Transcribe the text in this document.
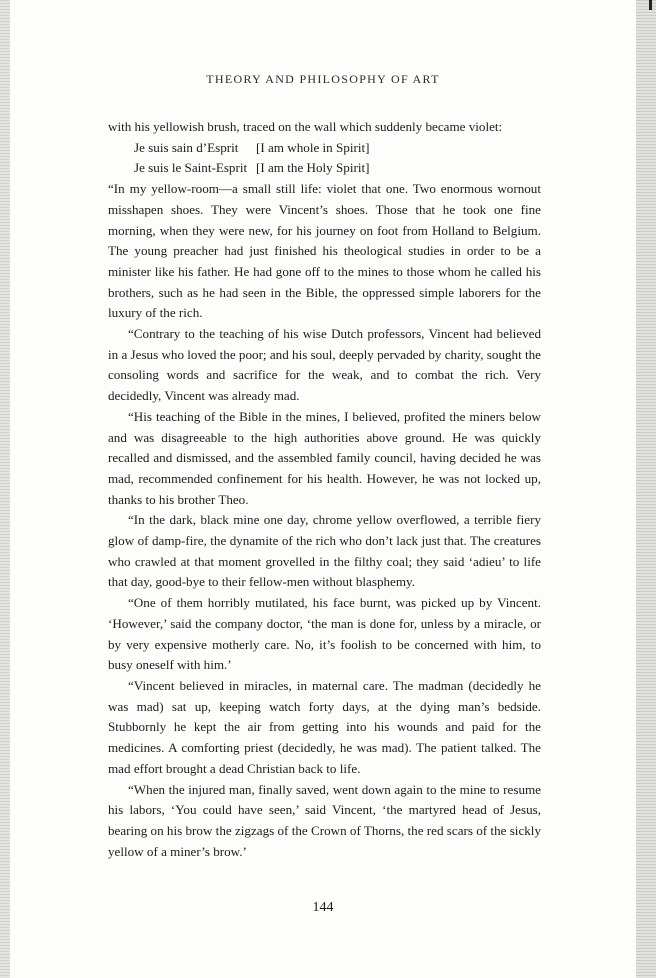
THEORY AND PHILOSOPHY OF ART

with his yellowish brush, traced on the wall which suddenly became violet:

Je suis sain d’Esprit	[I am whole in Spirit]
Je suis le Saint-Esprit [I am the Holy Spirit]

“In my yellow-room—a small still life: violet that one. Two enormous wornout misshapen shoes. They were Vincent’s shoes. Those that he took one fine morning, when they were new, for his journey on foot from Holland to Belgium. The young preacher had just finished his theological studies in order to be a minister like his father. He had gone off to the mines to those whom he called his brothers, such as he had seen in the Bible, the oppressed simple laborers for the luxury of the rich.

“Contrary to the teaching of his wise Dutch professors, Vincent had believed in a Jesus who loved the poor; and his soul, deeply pervaded by charity, sought the consoling words and sacrifice for the weak, and to combat the rich. Very decidedly, Vincent was already mad.

“His teaching of the Bible in the mines, I believed, profited the miners below and was disagreeable to the high authorities above ground. He was quickly recalled and dismissed, and the assembled family council, having decided he was mad, recommended confinement for his health. However, he was not locked up, thanks to his brother Theo.

“In the dark, black mine one day, chrome yellow overflowed, a terrible fiery glow of damp-fire, the dynamite of the rich who don’t lack just that. The creatures who crawled at that moment grovelled in the filthy coal; they said ‘adieu’ to life that day, good-bye to their fellow-men without blasphemy.

“One of them horribly mutilated, his face burnt, was picked up by Vincent. ‘However,’ said the company doctor, ‘the man is done for, unless by a miracle, or by very expensive motherly care. No, it’s foolish to be concerned with him, to busy oneself with him.’

“Vincent believed in miracles, in maternal care. The madman (decidedly he was mad) sat up, keeping watch forty days, at the dying man’s bedside. Stubbornly he kept the air from getting into his wounds and paid for the medicines. A comforting priest (decidedly, he was mad). The patient talked. The mad effort brought a dead Christian back to life.

“When the injured man, finally saved, went down again to the mine to resume his labors, ‘You could have seen,’ said Vincent, ‘the martyred head of Jesus, bearing on his brow the zigzags of the Crown of Thorns, the red scars of the sickly yellow of a miner’s brow.’

144
